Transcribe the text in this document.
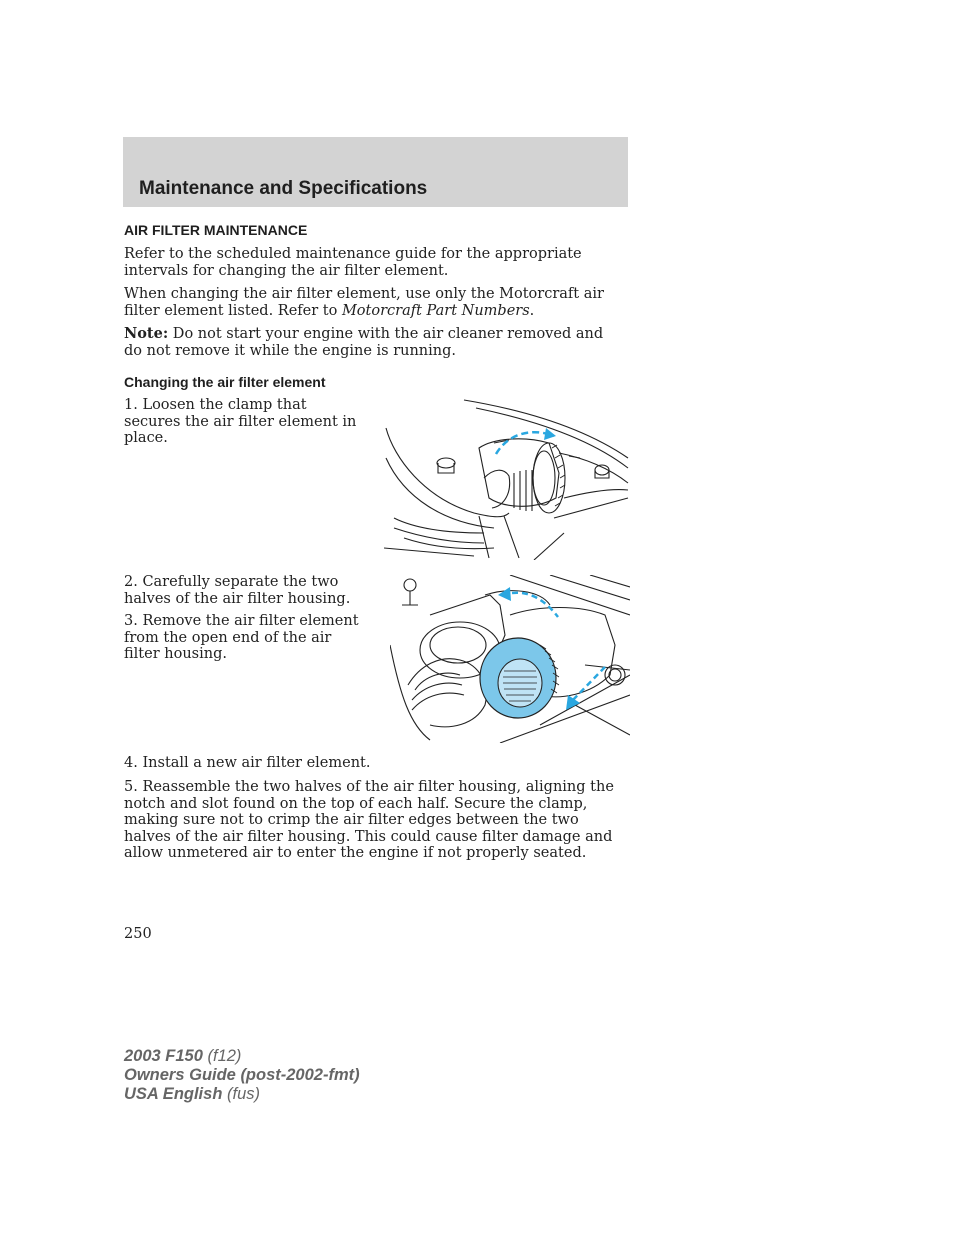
Maintenance and Specifications
AIR FILTER MAINTENANCE

Refer to the scheduled maintenance guide for the appropriate intervals for changing the air filter element.

When changing the air filter element, use only the Motorcraft air filter element listed. Refer to Motorcraft Part Numbers.

Note: Do not start your engine with the air cleaner removed and do not remove it while the engine is running.

Changing the air filter element

1. Loosen the clamp that secures the air filter element in place.

2. Carefully separate the two halves of the air filter housing.

3. Remove the air filter element from the open end of the air filter housing.

4. Install a new air filter element.

5. Reassemble the two halves of the air filter housing, aligning the notch and slot found on the top of each half. Secure the clamp, making sure not to crimp the air filter edges between the two halves of the air filter housing. This could cause filter damage and allow unmetered air to enter the engine if not properly seated.

250
2003 F150 (f12)
Owners Guide (post-2002-fmt)
USA English (fus)
